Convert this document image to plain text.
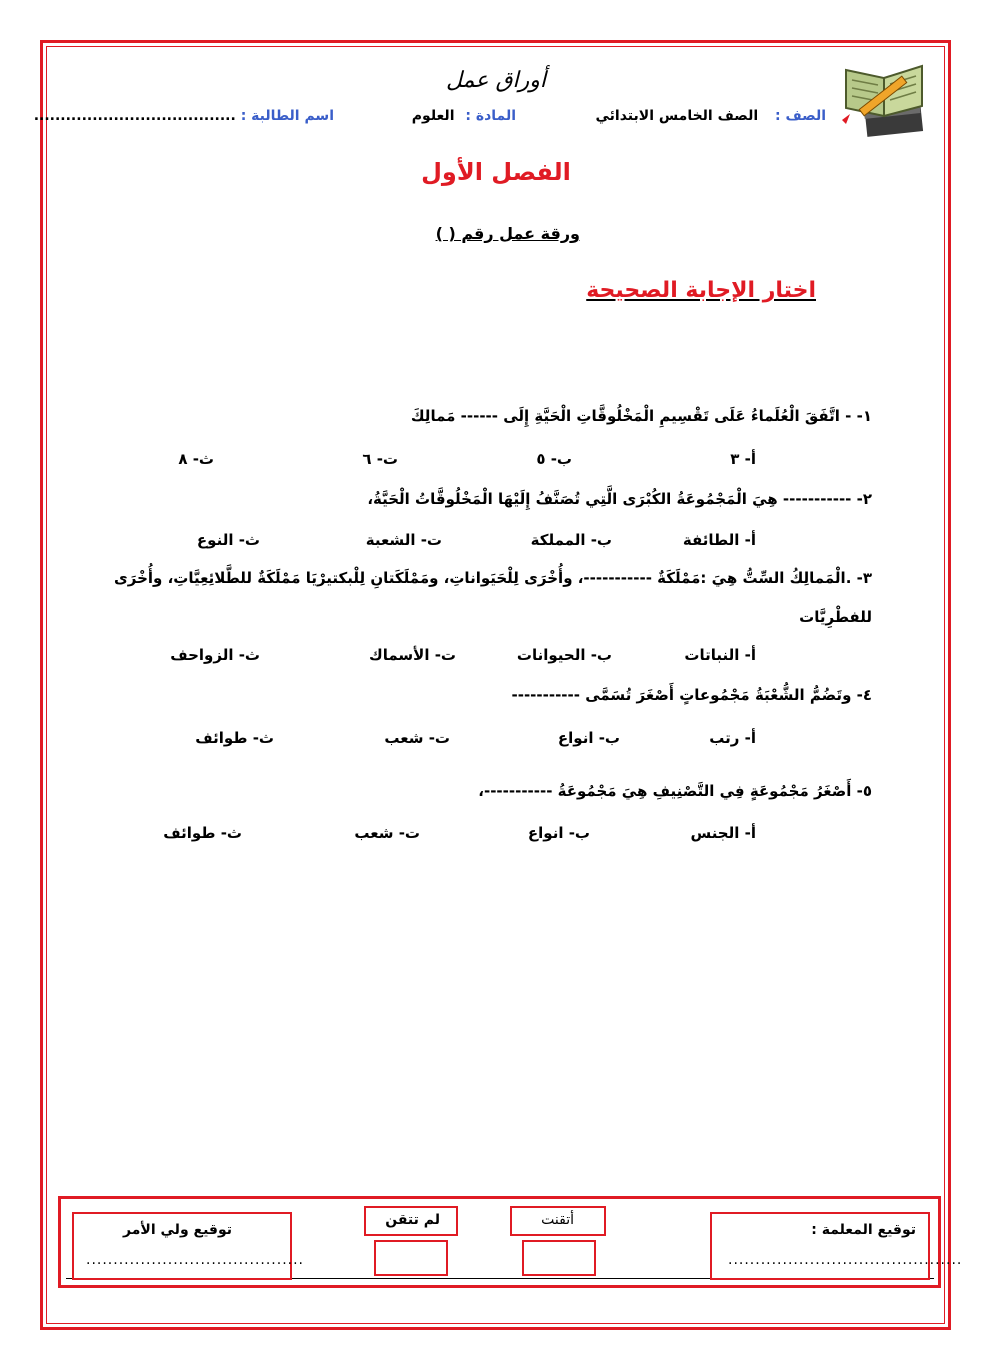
أوراق عمل
الصف : الصف الخامس الابتدائي
المادة : العلوم
اسم الطالبة : ......................................
الفصل الأول
ورقة عمل رقم ( )
اختار الإجابة الصحيحة
١- - اتَّفَقَ الْعُلَماءُ عَلَى تَقْسِيمِ الْمَخْلُوقَّاتِ الْحَيَّةِ إِلَى ------ مَمالِكَ
أ- ٣
ب- ٥
ت- ٦
ث- ٨
٢- ----------- هِيَ الْمَجْمُوعَةُ الكُبْرَى الَّتِي تُصَنَّفُ إِلَيْهَا الْمَخْلُوقَّاتُ الْحَيَّةُ،
أ- الطائفة
ب- المملكة
ت- الشعبة
ث- النوع
٣- .الْمَمالِكُ السِّتُّ هِيَ :مَمْلَكَةٌ -----------، وأُخْرَى لِلْحَيَواناتِ، ومَمْلَكَتانِ لِلْبكتيرْيَا مَمْلَكَةٌ للطَّلائِعِيَّاتِ، وأُخْرَى
للفطْرِيَّات
أ- النباتات
ب- الحيوانات
ت- الأسماك
ث- الزواحف
٤- وتَضُمُّ الشُّعْبَةُ مَجْمُوعاتٍ أَصْغَرَ تُسَمَّى -----------
أ- رتب
ب- انواع
ت- شعب
ث- طوائف
٥- أَصْغَرُ مَجْمُوعَةٍ فِي التَّصْنِيفِ هِيَ مَجْمُوعَةُ -----------،
أ- الجنس
ب- انواع
ت- شعب
ث- طوائف
توقيع المعلمة :
...........................................
أتقنت
لم تتقن
توقيع ولي الأمر
........................................
